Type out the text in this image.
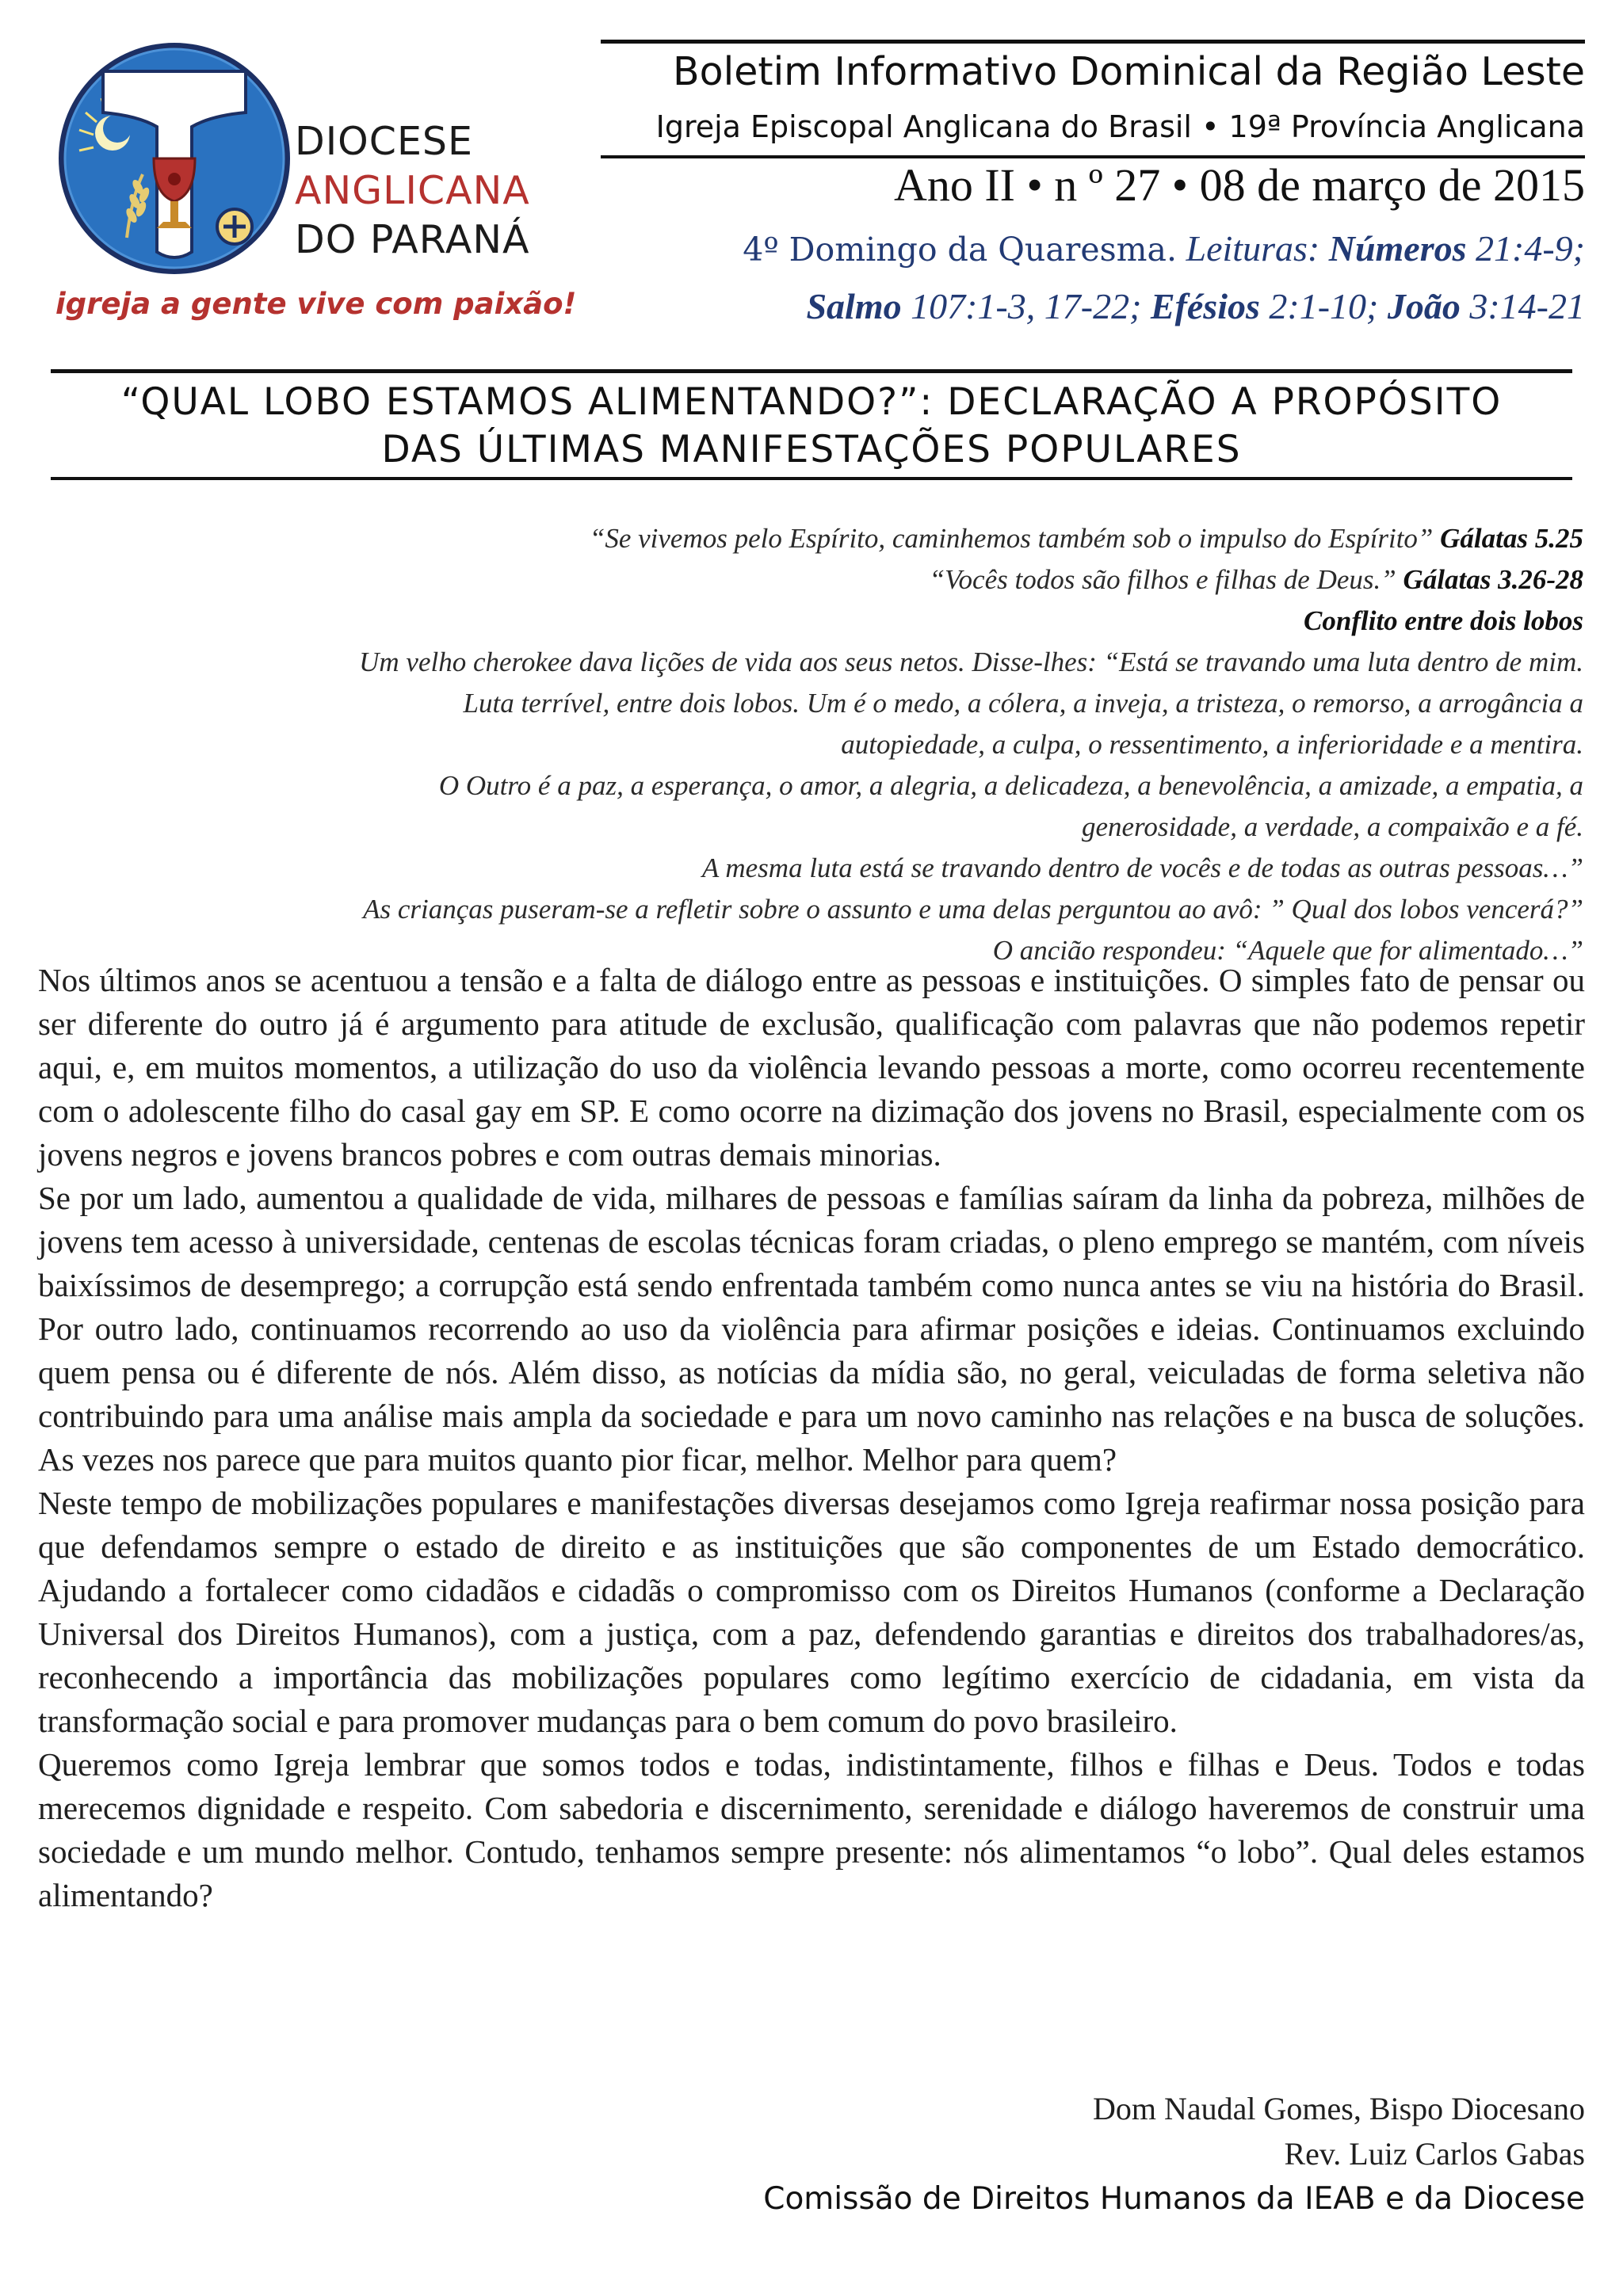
DIOCESE
ANGLICANA
DO PARANÁ
igreja a gente vive com paixão!
Boletim Informativo Dominical da Região Leste
Igreja Episcopal Anglicana do Brasil • 19ª Província Anglicana
Ano II • n º 27 • 08 de março de 2015
4º Domingo da Quaresma. Leituras: Números 21:4-9;
Salmo 107:1-3, 17-22; Efésios 2:1-10; João 3:14-21
“QUAL LOBO ESTAMOS ALIMENTANDO?”: DECLARAÇÃO A PROPÓSITO
DAS ÚLTIMAS MANIFESTAÇÕES POPULARES
“Se vivemos pelo Espírito, caminhemos também sob o impulso do Espírito” Gálatas 5.25
“Vocês todos são filhos e filhas de Deus.” Gálatas 3.26-28
Conflito entre dois lobos
Um velho cherokee dava lições de vida aos seus netos. Disse-lhes: “Está se travando uma luta dentro de mim.
Luta terrível, entre dois lobos. Um é o medo, a cólera, a inveja, a tristeza, o remorso, a arrogância a
autopiedade, a culpa, o ressentimento, a inferioridade e a mentira.
O Outro é a paz, a esperança, o amor, a alegria, a delicadeza, a benevolência, a amizade, a empatia, a
generosidade, a verdade, a compaixão e a fé.
A mesma luta está se travando dentro de vocês e de todas as outras pessoas…”
As crianças puseram-se a refletir sobre o assunto e uma delas perguntou ao avô: ” Qual dos lobos vencerá?”
O ancião respondeu: “Aquele que for alimentado…”

Nos últimos anos se acentuou a tensão e a falta de diálogo entre as pessoas e instituições. O simples fato de pensar ou ser diferente do outro já é argumento para atitude de exclusão, qualificação com palavras que não podemos repetir aqui, e, em muitos momentos, a utilização do uso da violência levando pessoas a morte, como ocorreu recentemente com o adolescente filho do casal gay em SP. E como ocorre na dizimação dos jovens no Brasil, especialmente com os jovens negros e jovens brancos pobres e com outras demais minorias.

Se por um lado, aumentou a qualidade de vida, milhares de pessoas e famílias saíram da linha da pobreza, milhões de jovens tem acesso à universidade, centenas de escolas técnicas foram criadas, o pleno emprego se mantém, com níveis baixíssimos de desemprego; a corrupção está sendo enfrentada também como nunca antes se viu na história do Brasil. Por outro lado, continuamos recorrendo ao uso da violência para afirmar posições e ideias. Continuamos excluindo quem pensa ou é diferente de nós. Além disso, as notícias da mídia são, no geral, veiculadas de forma seletiva não contribuindo para uma análise mais ampla da sociedade e para um novo caminho nas relações e na busca de soluções. As vezes nos parece que para muitos quanto pior ficar, melhor. Melhor para quem?

Neste tempo de mobilizações populares e manifestações diversas desejamos como Igreja reafirmar nossa posição para que defendamos sempre o estado de direito e as instituições que são componentes de um Estado democrático. Ajudando a fortalecer como cidadãos e cidadãs o compromisso com os Direitos Humanos (conforme a Declaração Universal dos Direitos Humanos), com a justiça, com a paz, defendendo garantias e direitos dos trabalhadores/as, reconhecendo a importância das mobilizações populares como legítimo exercício de cidadania, em vista da transformação social e para promover mudanças para o bem comum do povo brasileiro.

Queremos como Igreja lembrar que somos todos e todas, indistintamente, filhos e filhas e Deus. Todos e todas merecemos dignidade e respeito. Com sabedoria e discernimento, serenidade e diálogo haveremos de construir uma sociedade e um mundo melhor. Contudo, tenhamos sempre presente: nós alimentamos “o lobo”. Qual deles estamos alimentando?

Dom Naudal Gomes, Bispo Diocesano
Rev. Luiz Carlos Gabas
Comissão de Direitos Humanos da IEAB e da Diocese
